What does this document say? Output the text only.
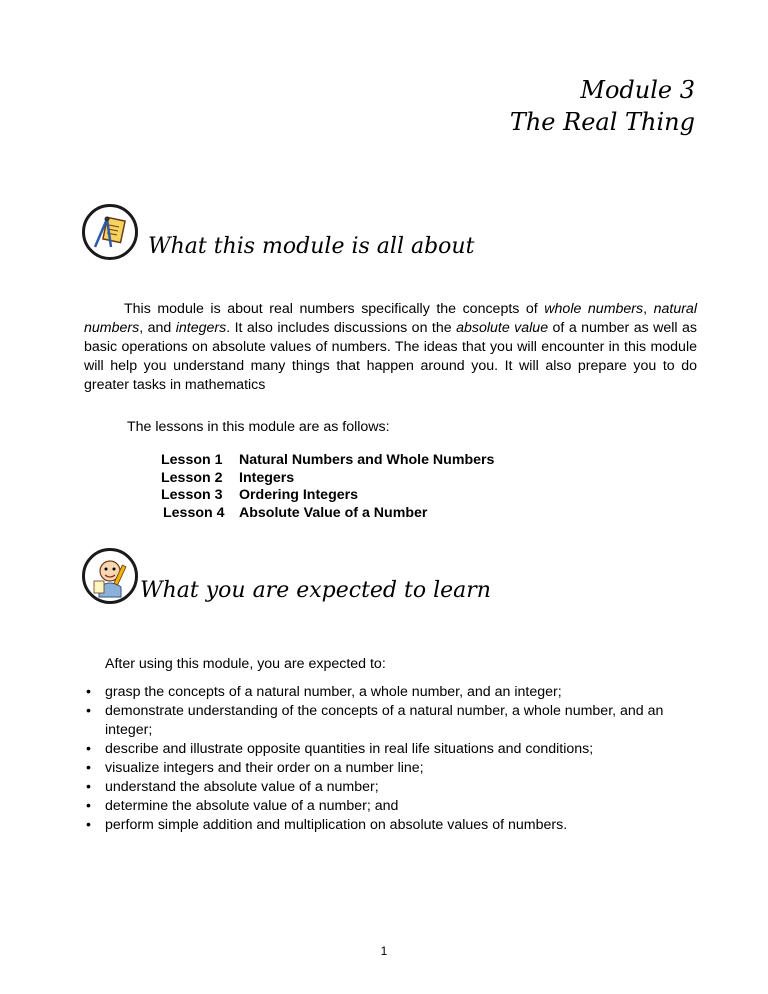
Module 3
The Real Thing
What this module is all about

This module is about real numbers specifically the concepts of whole numbers, natural numbers, and integers. It also includes discussions on the absolute value of a number as well as basic operations on absolute values of numbers. The ideas that you will encounter in this module will help you understand many things that happen around you. It will also prepare you to do greater tasks in mathematics

The lessons in this module are as follows:
Lesson 1 Natural Numbers and Whole Numbers
Lesson 2 Integers
Lesson 3 Ordering Integers
Lesson 4 Absolute Value of a Number
What you are expected to learn
After using this module, you are expected to:
• grasp the concepts of a natural number, a whole number, and an integer;
• demonstrate understanding of the concepts of a natural number, a whole number, and an integer;
• describe and illustrate opposite quantities in real life situations and conditions;
• visualize integers and their order on a number line;
• understand the absolute value of a number;
• determine the absolute value of a number; and
• perform simple addition and multiplication on absolute values of numbers.
1
